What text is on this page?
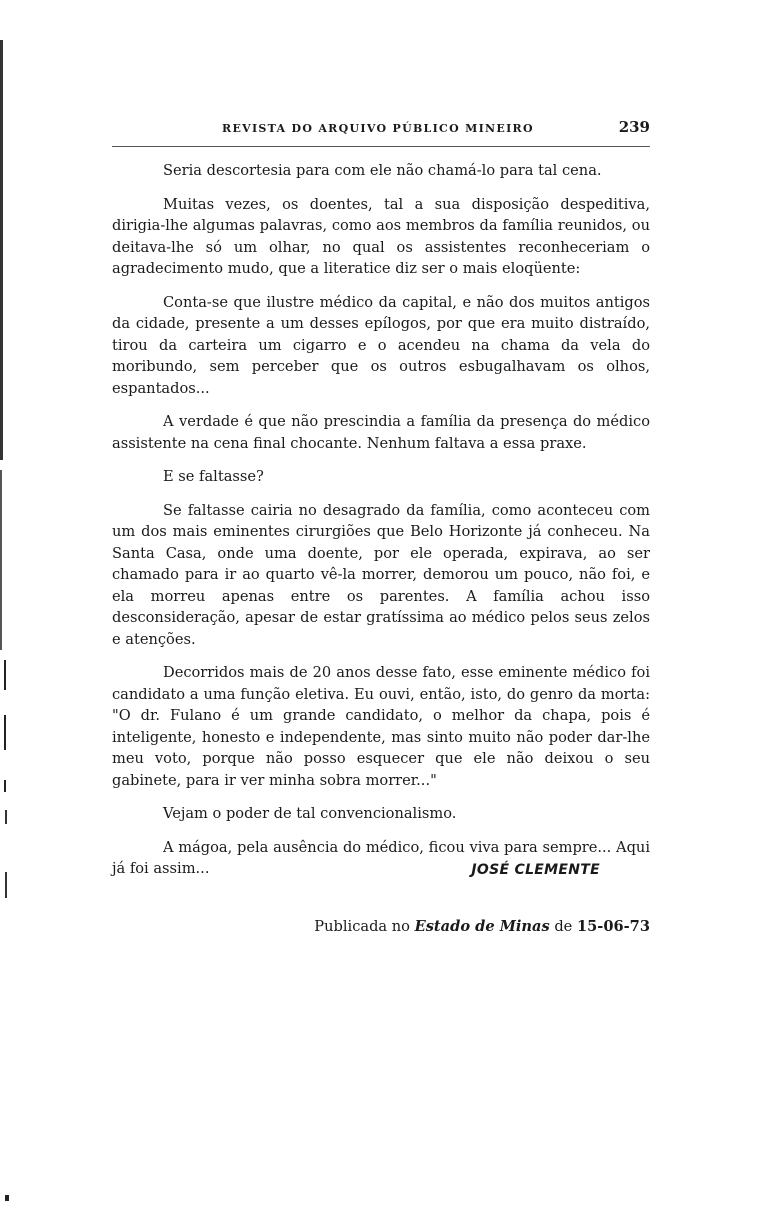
REVISTA DO ARQUIVO PÚBLICO MINEIRO	239

Seria descortesia para com ele não chamá-lo para tal cena.

Muitas vezes, os doentes, tal a sua disposição despeditiva, dirigia-lhe algumas palavras, como aos membros da família reunidos, ou deitava-lhe só um olhar, no qual os assistentes reconheceriam o agradecimento mudo, que a literatice diz ser o mais eloqüente:

Conta-se que ilustre médico da capital, e não dos muitos antigos da cidade, presente a um desses epílogos, por que era muito distraído, tirou da carteira um cigarro e o acendeu na chama da vela do moribundo, sem perceber que os outros esbugalhavam os olhos, espantados...

A verdade é que não prescindia a família da presença do médico assistente na cena final chocante. Nenhum faltava a essa praxe.

E se faltasse?

Se faltasse cairia no desagrado da família, como aconteceu com um dos mais eminentes cirurgiões que Belo Horizonte já conheceu. Na Santa Casa, onde uma doente, por ele operada, expirava, ao ser chamado para ir ao quarto vê-la morrer, demorou um pouco, não foi, e ela morreu apenas entre os parentes. A família achou isso desconsideração, apesar de estar gratíssima ao médico pelos seus zelos e atenções.

Decorridos mais de 20 anos desse fato, esse eminente médico foi candidato a uma função eletiva. Eu ouvi, então, isto, do genro da morta: "O dr. Fulano é um grande candidato, o melhor da chapa, pois é inteligente, honesto e independente, mas sinto muito não poder dar-lhe meu voto, porque não posso esquecer que ele não deixou o seu gabinete, para ir ver minha sobra morrer..."

Vejam o poder de tal convencionalismo.

A mágoa, pela ausência do médico, ficou viva para sempre... Aqui já foi assim...	JOSÉ CLEMENTE
Publicada no Estado de Minas de 15-06-73
